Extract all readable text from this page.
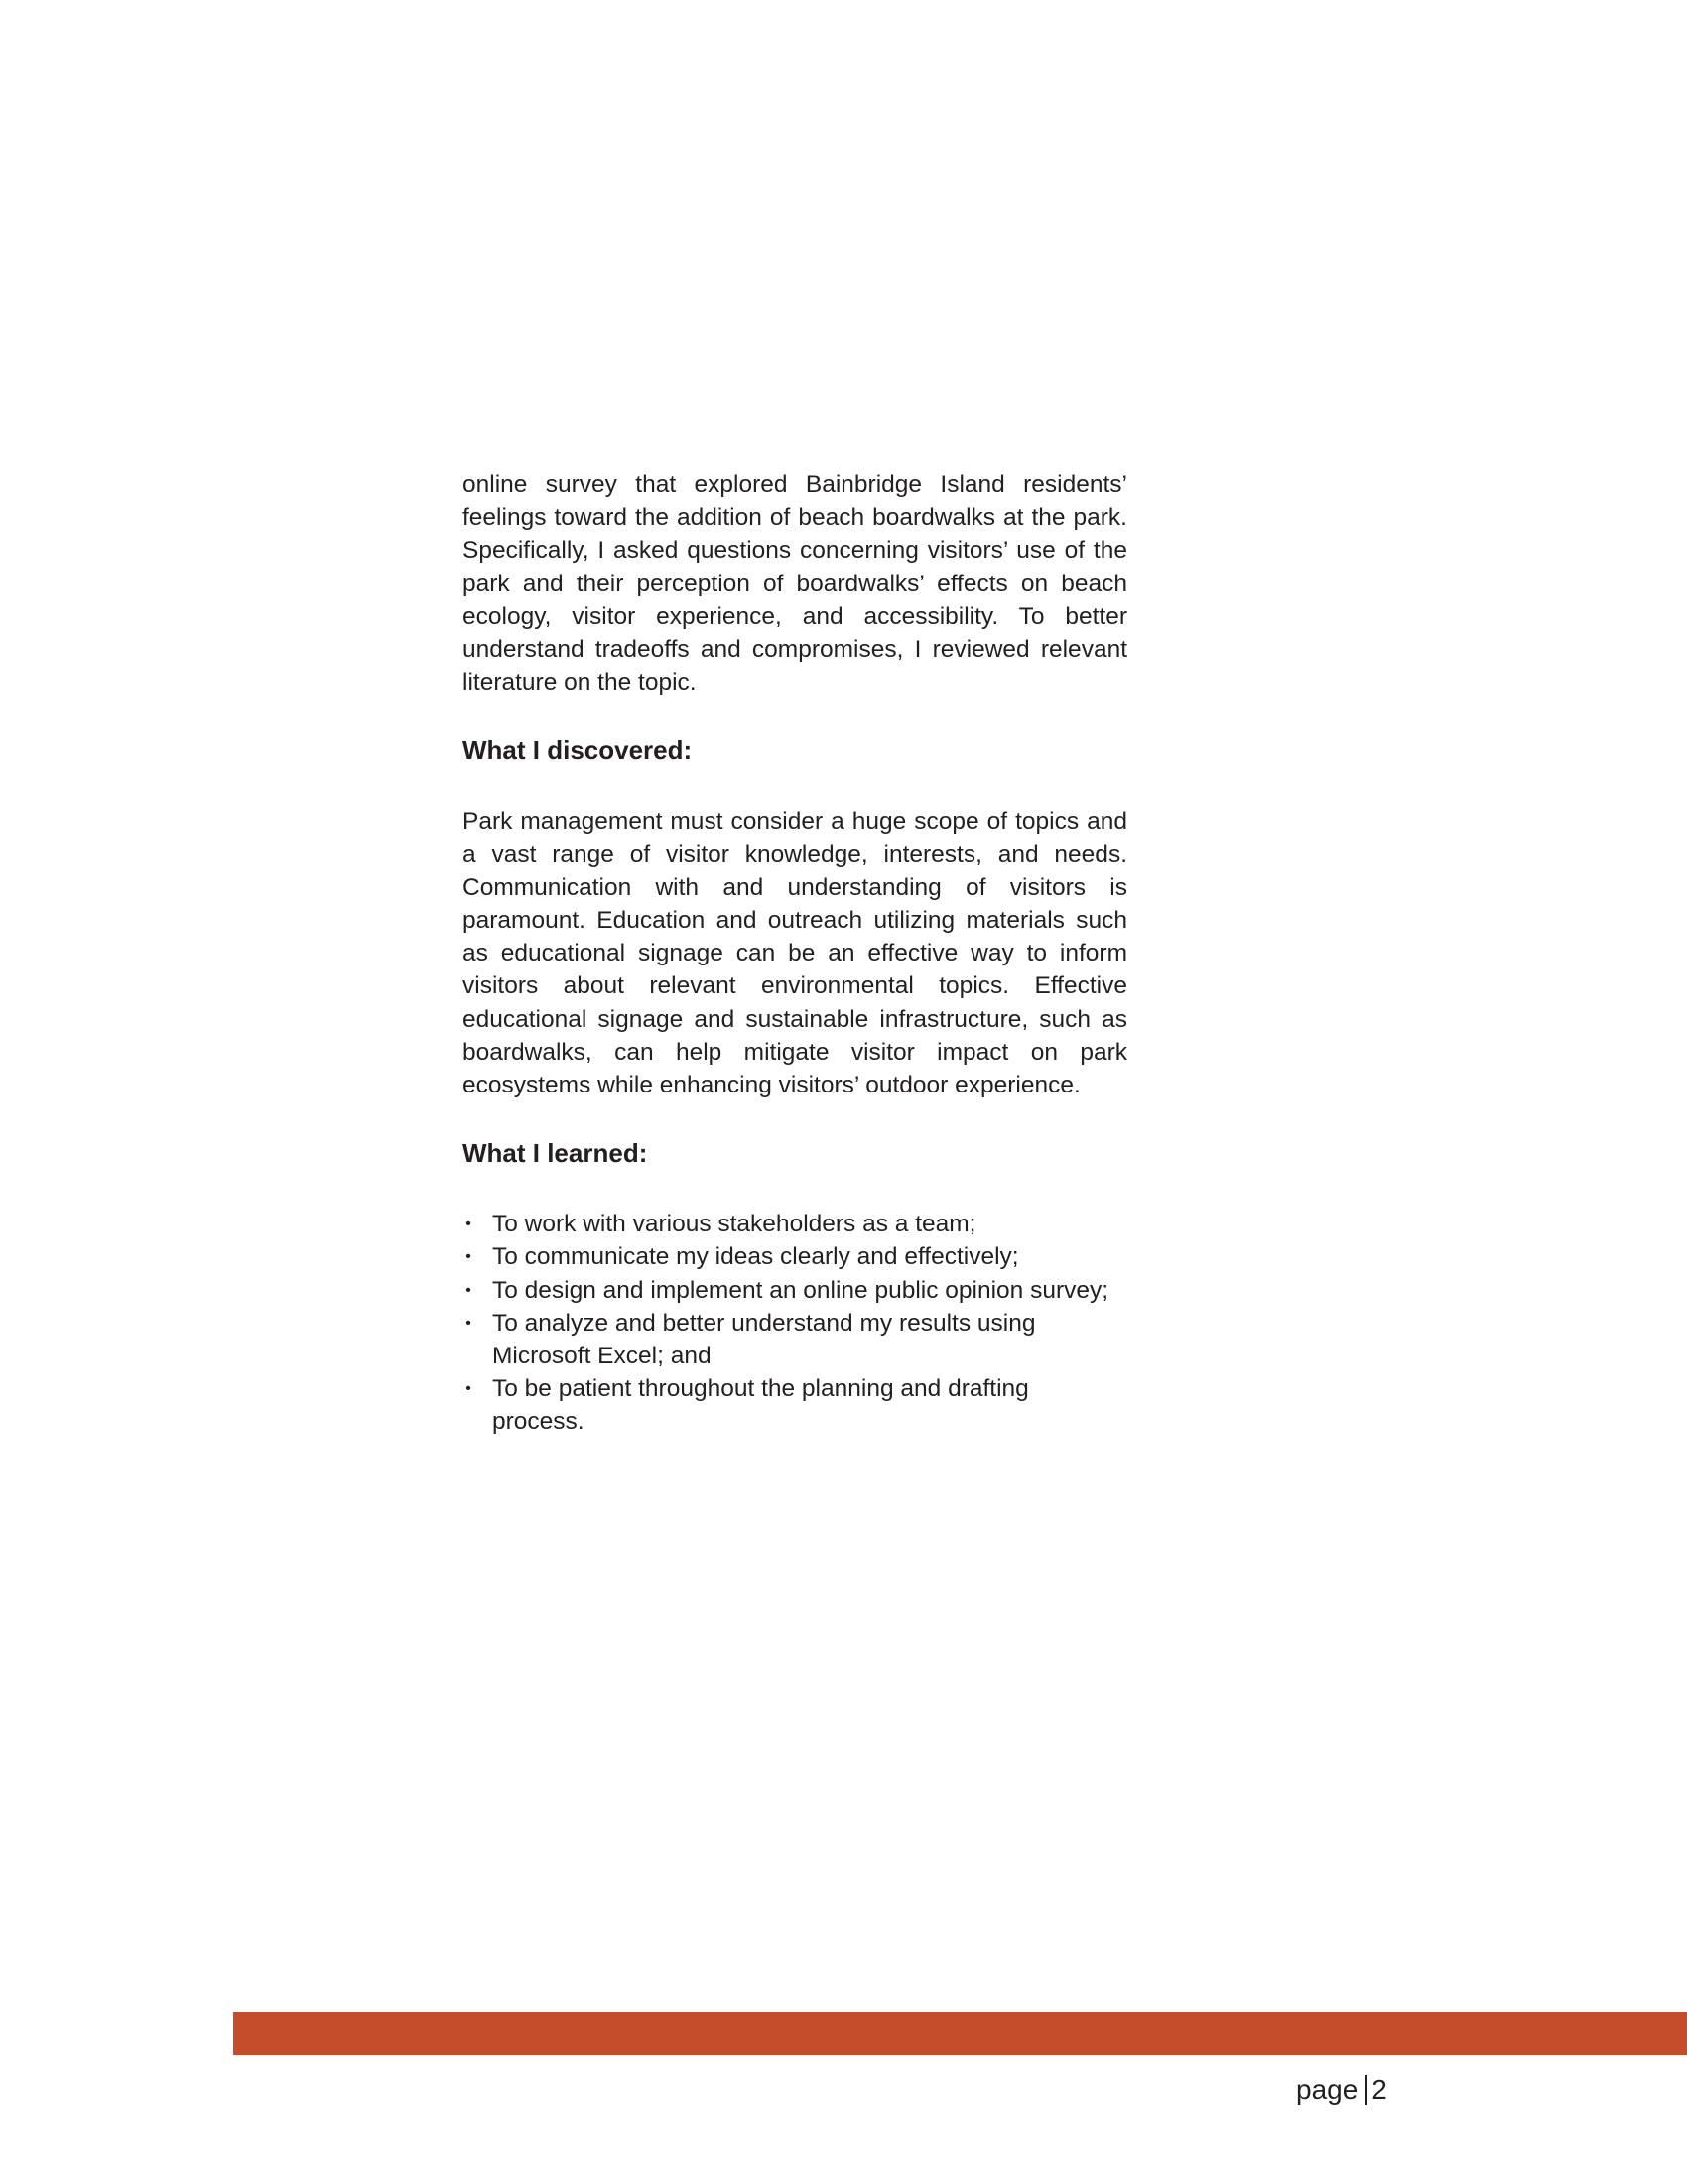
online survey that explored Bainbridge Island residents’ feelings toward the addition of beach boardwalks at the park. Specifically, I asked questions concerning visitors’ use of the park and their perception of boardwalks’ effects on beach ecology, visitor experience, and accessibility. To better understand tradeoffs and compromises, I reviewed relevant literature on the topic.

What I discovered:

Park management must consider a huge scope of topics and a vast range of visitor knowledge, interests, and needs. Communication with and understanding of visitors is paramount. Education and outreach utilizing materials such as educational signage can be an effective way to inform visitors about relevant environmental topics. Effective educational signage and sustainable infrastructure, such as boardwalks, can help mitigate visitor impact on park ecosystems while enhancing visitors’ outdoor experience.

What I learned:
• To work with various stakeholders as a team;
• To communicate my ideas clearly and effectively;
• To design and implement an online public opinion survey;
• To analyze and better understand my results using Microsoft Excel; and
• To be patient throughout the planning and drafting process.
page 2
